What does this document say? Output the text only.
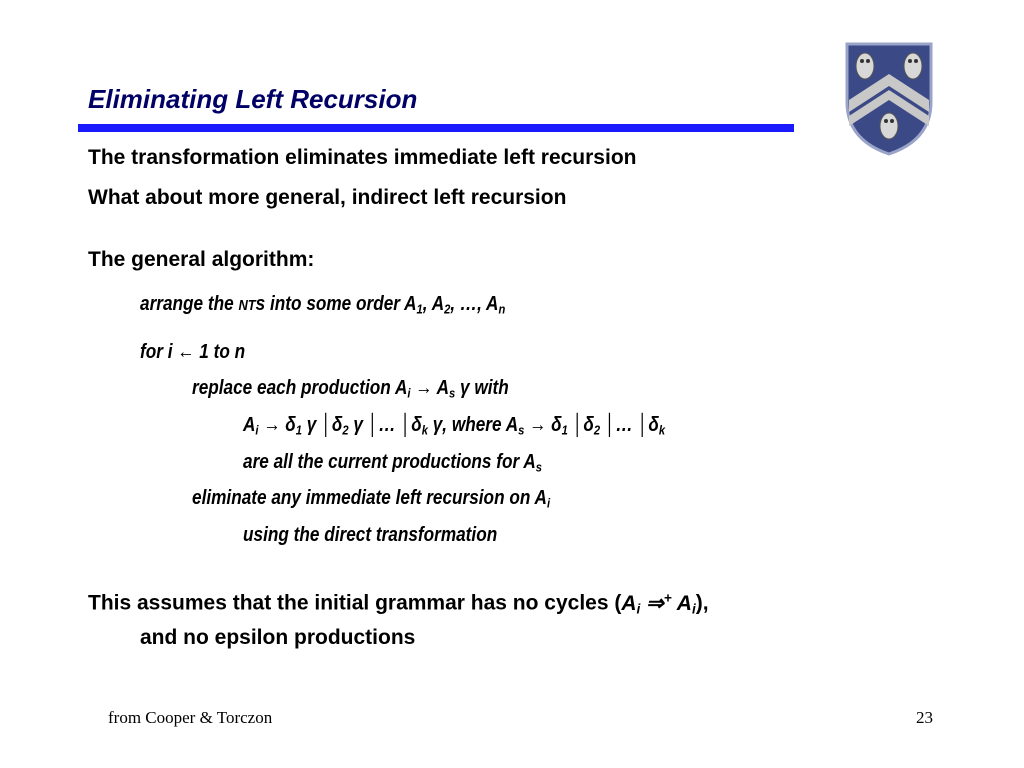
Eliminating Left Recursion
The transformation eliminates immediate left recursion
What about more general, indirect left recursion
The general algorithm:
arrange the NTs into some order $A_1$, $A_2$, …, $A_n$
for i ← 1 to n
replace each production $A_i \to A_s$ γ with
$A_i \to \delta_1$ γ $│\delta_2$ γ │… $│\delta_k$ γ, where $A_s \to \delta_1$ $│\delta_2$ │… $│\delta_k$
are all the current productions for $A_s$
eliminate any immediate left recursion on $A_i$
using the direct transformation
This assumes that the initial grammar has no cycles ($A_i$ ⇒+ $A_i$),
and no epsilon productions
from Cooper & Torczon	23
